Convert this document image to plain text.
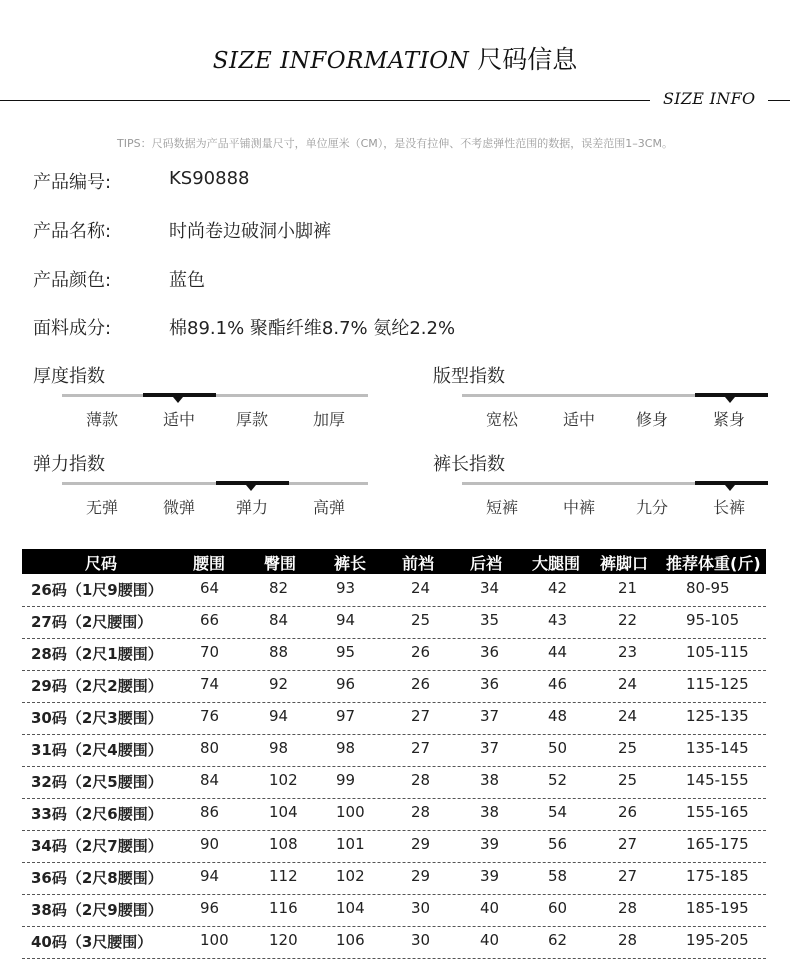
SIZE INFORMATION 尺码信息
SIZE INFO
TIPS：尺码数据为产品平铺测量尺寸，单位厘米（CM），是没有拉伸、不考虑弹性范围的数据，误差范围1–3CM。
产品编号:	KS90888
产品名称:	时尚卷边破洞小脚裤
产品颜色:	蓝色
面料成分:	棉89.1% 聚酯纤维8.7% 氨纶2.2%
厚度指数
薄款	适中	厚款	加厚
版型指数
宽松	适中	修身	紧身
弹力指数
无弹	微弹	弹力	高弹
裤长指数
短裤	中裤	九分	长裤
尺码	腰围 臀围 裤长 前裆 后裆 大腿围 裤脚口 推荐体重(斤)
26码（1尺9腰围） 64	82	93	24	34	42	21	80-95
27码（2尺腰围）	66	84	94	25	35	43	22	95-105
28码（2尺1腰围） 70	88	95	26	36	44	23	105-115
29码（2尺2腰围） 74	92	96	26	36	46	24	115-125
30码（2尺3腰围） 76	94	97	27	37	48	24	125-135
31码（2尺4腰围） 80	98	98	27	37	50	25	135-145
32码（2尺5腰围） 84	102	99	28	38	52	25	145-155
33码（2尺6腰围） 86	104	100	28	38	54	26	155-165
34码（2尺7腰围） 90	108	101	29	39	56	27	165-175
36码（2尺8腰围） 94	112	102	29	39	58	27	175-185
38码（2尺9腰围） 96	116	104	30	40	60	28	185-195
40码（3尺腰围）	100	120	106	30	40	62	28	195-205
